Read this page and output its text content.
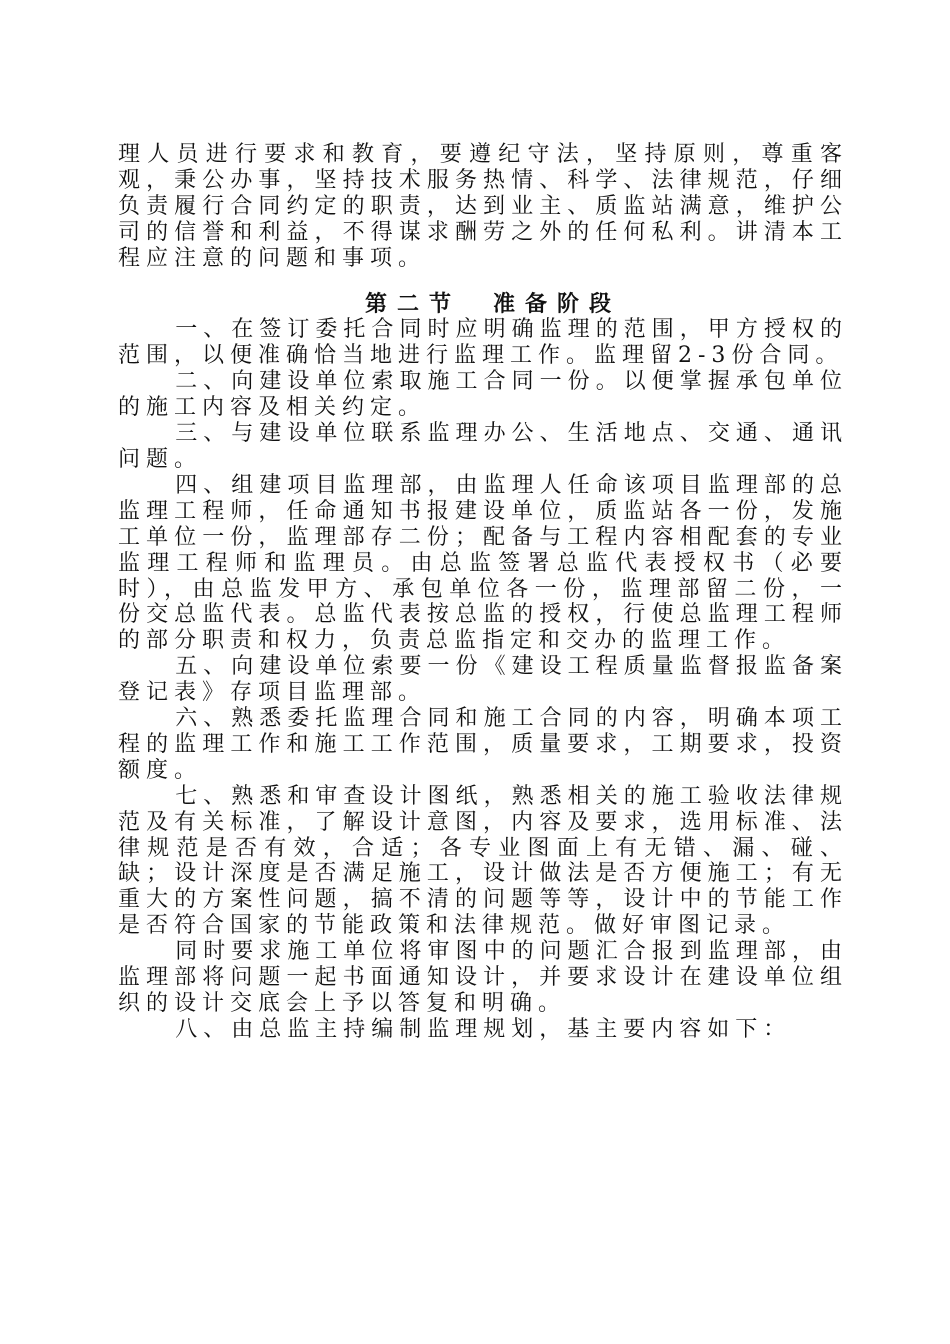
理人员进行要求和教育，要遵纪守法，坚持原则，尊重客观，秉公办事，坚持技术服务热情、科学、法律规范，仔细负责履行合同约定的职责，达到业主、质监站满意，维护公司的信誉和利益，不得谋求酬劳之外的任何私利。讲清本工程应注意的问题和事项。

第二节　准备阶段

一、在签订委托合同时应明确监理的范围，甲方授权的范围，以便准确恰当地进行监理工作。监理留2-3份合同。

二、向建设单位索取施工合同一份。以便掌握承包单位的施工内容及相关约定。

三、与建设单位联系监理办公、生活地点、交通、通讯问题。

四、组建项目监理部，由监理人任命该项目监理部的总监理工程师，任命通知书报建设单位，质监站各一份，发施工单位一份，监理部存二份；配备与工程内容相配套的专业监理工程师和监理员。由总监签署总监代表授权书（必要时），由总监发甲方、承包单位各一份，监理部留二份，一份交总监代表。总监代表按总监的授权，行使总监理工程师的部分职责和权力，负责总监指定和交办的监理工作。

五、向建设单位索要一份《建设工程质量监督报监备案登记表》存项目监理部。

六、熟悉委托监理合同和施工合同的内容，明确本项工程的监理工作和施工工作范围，质量要求，工期要求，投资额度。

七、熟悉和审查设计图纸，熟悉相关的施工验收法律规范及有关标准，了解设计意图，内容及要求，选用标准、法律规范是否有效，合适；各专业图面上有无错、漏、碰、缺；设计深度是否满足施工，设计做法是否方便施工；有无重大的方案性问题，搞不清的问题等等，设计中的节能工作是否符合国家的节能政策和法律规范。做好审图记录。

同时要求施工单位将审图中的问题汇合报到监理部，由监理部将问题一起书面通知设计，并要求设计在建设单位组织的设计交底会上予以答复和明确。

八、由总监主持编制监理规划，基主要内容如下：
